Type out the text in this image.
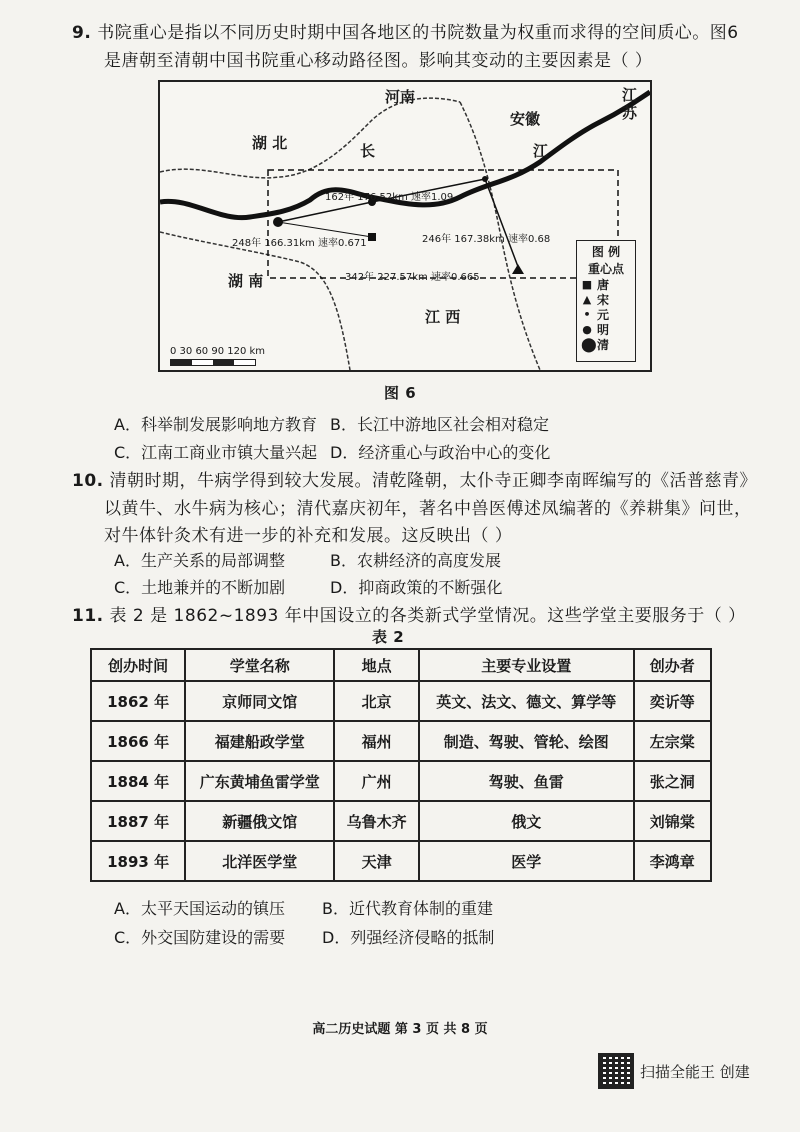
9. 书院重心是指以不同历史时期中国各地区的书院数量为权重而求得的空间质心。图6
是唐朝至清朝中国书院重心移动路径图。影响其变动的主要因素是（ ）
河南
安徽
江
苏
湖 北	长	江
湖 南
江 西
162年 176.52km 速率1.09
248年 166.31km 速率0.671	246年 167.38km 速率0.68
342年 227.57km 速率0.665
图 例
重心点
■ 唐
▲ 宋
• 元
● 明
⬤ 清
0 30 60 90 120 km
图 6
A．科举制发展影响地方教育 B．长江中游地区社会相对稳定
C．江南工商业市镇大量兴起 D．经济重心与政治中心的变化
10. 清朝时期，牛病学得到较大发展。清乾隆朝，太仆寺正卿李南晖编写的《活普慈青》
以黄牛、水牛病为核心；清代嘉庆初年，著名中兽医傅述凤编著的《养耕集》问世，
对牛体针灸术有进一步的补充和发展。这反映出（ ）
A．生产关系的局部调整	B．农耕经济的高度发展
C．土地兼并的不断加剧	D．抑商政策的不断强化
11. 表 2 是 1862~1893 年中国设立的各类新式学堂情况。这些学堂主要服务于（ ）
表 2
创办时间	学堂名称	地点	主要专业设置	创办者
1862 年	京师同文馆	北京	英文、法文、德文、算学等	奕䜣等
1866 年	福建船政学堂	福州	制造、驾驶、管轮、绘图	左宗棠
1884 年	广东黄埔鱼雷学堂	广州	驾驶、鱼雷	张之洞
1887 年	新疆俄文馆	乌鲁木齐	俄文	刘锦棠
1893 年	北洋医学堂	天津	医学	李鸿章
A．太平天国运动的镇压 B．近代教育体制的重建
C．外交国防建设的需要 D．列强经济侵略的抵制
高二历史试题 第 3 页 共 8 页
扫描全能王 创建
